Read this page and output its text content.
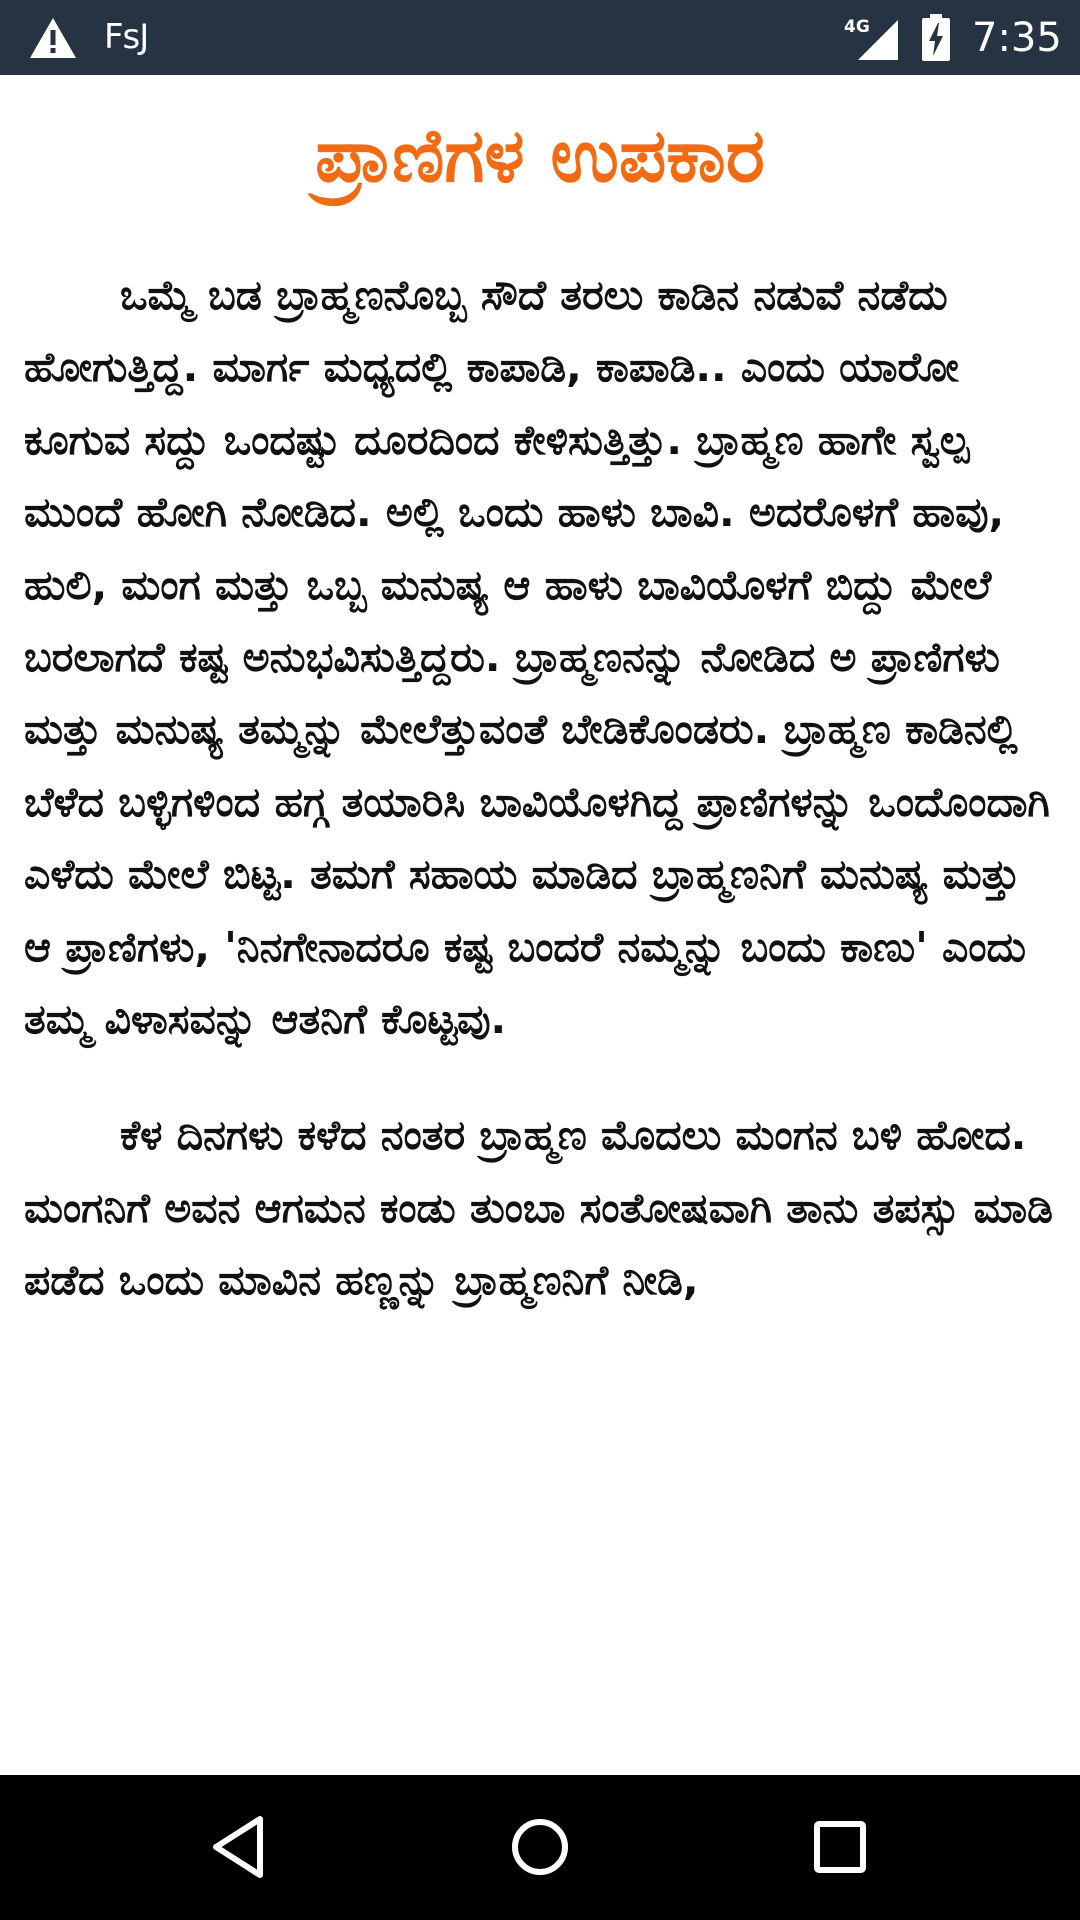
FsJ	4G	7:35
ಪ್ರಾಣಿಗಳ ಉಪಕಾರ

ಒಮ್ಮೆ ಬಡ ಬ್ರಾಹ್ಮಣನೊಬ್ಬ ಸೌದೆ ತರಲು ಕಾಡಿನ ನಡುವೆ ನಡೆದು ಹೋಗುತ್ತಿದ್ದ. ಮಾರ್ಗ ಮಧ್ಯದಲ್ಲಿ ಕಾಪಾಡಿ, ಕಾಪಾಡಿ.. ಎಂದು ಯಾರೋ ಕೂಗುವ ಸದ್ದು ಒಂದಷ್ಟು ದೂರದಿಂದ ಕೇಳಿಸುತ್ತಿತ್ತು. ಬ್ರಾಹ್ಮಣ ಹಾಗೇ ಸ್ವಲ್ಪ ಮುಂದೆ ಹೋಗಿ ನೋಡಿದ. ಅಲ್ಲಿ ಒಂದು ಹಾಳು ಬಾವಿ. ಅದರೊಳಗೆ ಹಾವು, ಹುಲಿ, ಮಂಗ ಮತ್ತು ಒಬ್ಬ ಮನುಷ್ಯ ಆ ಹಾಳು ಬಾವಿಯೊಳಗೆ ಬಿದ್ದು ಮೇಲೆ ಬರಲಾಗದೆ ಕಷ್ಟ ಅನುಭವಿಸುತ್ತಿದ್ದರು. ಬ್ರಾಹ್ಮಣನನ್ನು ನೋಡಿದ ಅ ಪ್ರಾಣಿಗಳು ಮತ್ತು ಮನುಷ್ಯ ತಮ್ಮನ್ನು ಮೇಲೆತ್ತುವಂತೆ ಬೇಡಿಕೊಂಡರು. ಬ್ರಾಹ್ಮಣ ಕಾಡಿನಲ್ಲಿ ಬೆಳೆದ ಬಳ್ಳಿಗಳಿಂದ ಹಗ್ಗ ತಯಾರಿಸಿ ಬಾವಿಯೊಳಗಿದ್ದ ಪ್ರಾಣಿಗಳನ್ನು ಒಂದೊಂದಾಗಿ ಎಳೆದು ಮೇಲೆ ಬಿಟ್ಟ. ತಮಗೆ ಸಹಾಯ ಮಾಡಿದ ಬ್ರಾಹ್ಮಣನಿಗೆ ಮನುಷ್ಯ ಮತ್ತು ಆ ಪ್ರಾಣಿಗಳು, 'ನಿನಗೇನಾದರೂ ಕಷ್ಟ ಬಂದರೆ ನಮ್ಮನ್ನು ಬಂದು ಕಾಣು' ಎಂದು ತಮ್ಮ ವಿಳಾಸವನ್ನು ಆತನಿಗೆ ಕೊಟ್ಟವು.

ಕೆಳ ದಿನಗಳು ಕಳೆದ ನಂತರ ಬ್ರಾಹ್ಮಣ ಮೊದಲು ಮಂಗನ ಬಳಿ ಹೋದ. ಮಂಗನಿಗೆ ಅವನ ಆಗಮನ ಕಂಡು ತುಂಬಾ ಸಂತೋಷವಾಗಿ ತಾನು ತಪಸ್ಸು ಮಾಡಿ ಪಡೆದ ಒಂದು ಮಾವಿನ ಹಣ್ಣನ್ನು ಬ್ರಾಹ್ಮಣನಿಗೆ ನೀಡಿ,
